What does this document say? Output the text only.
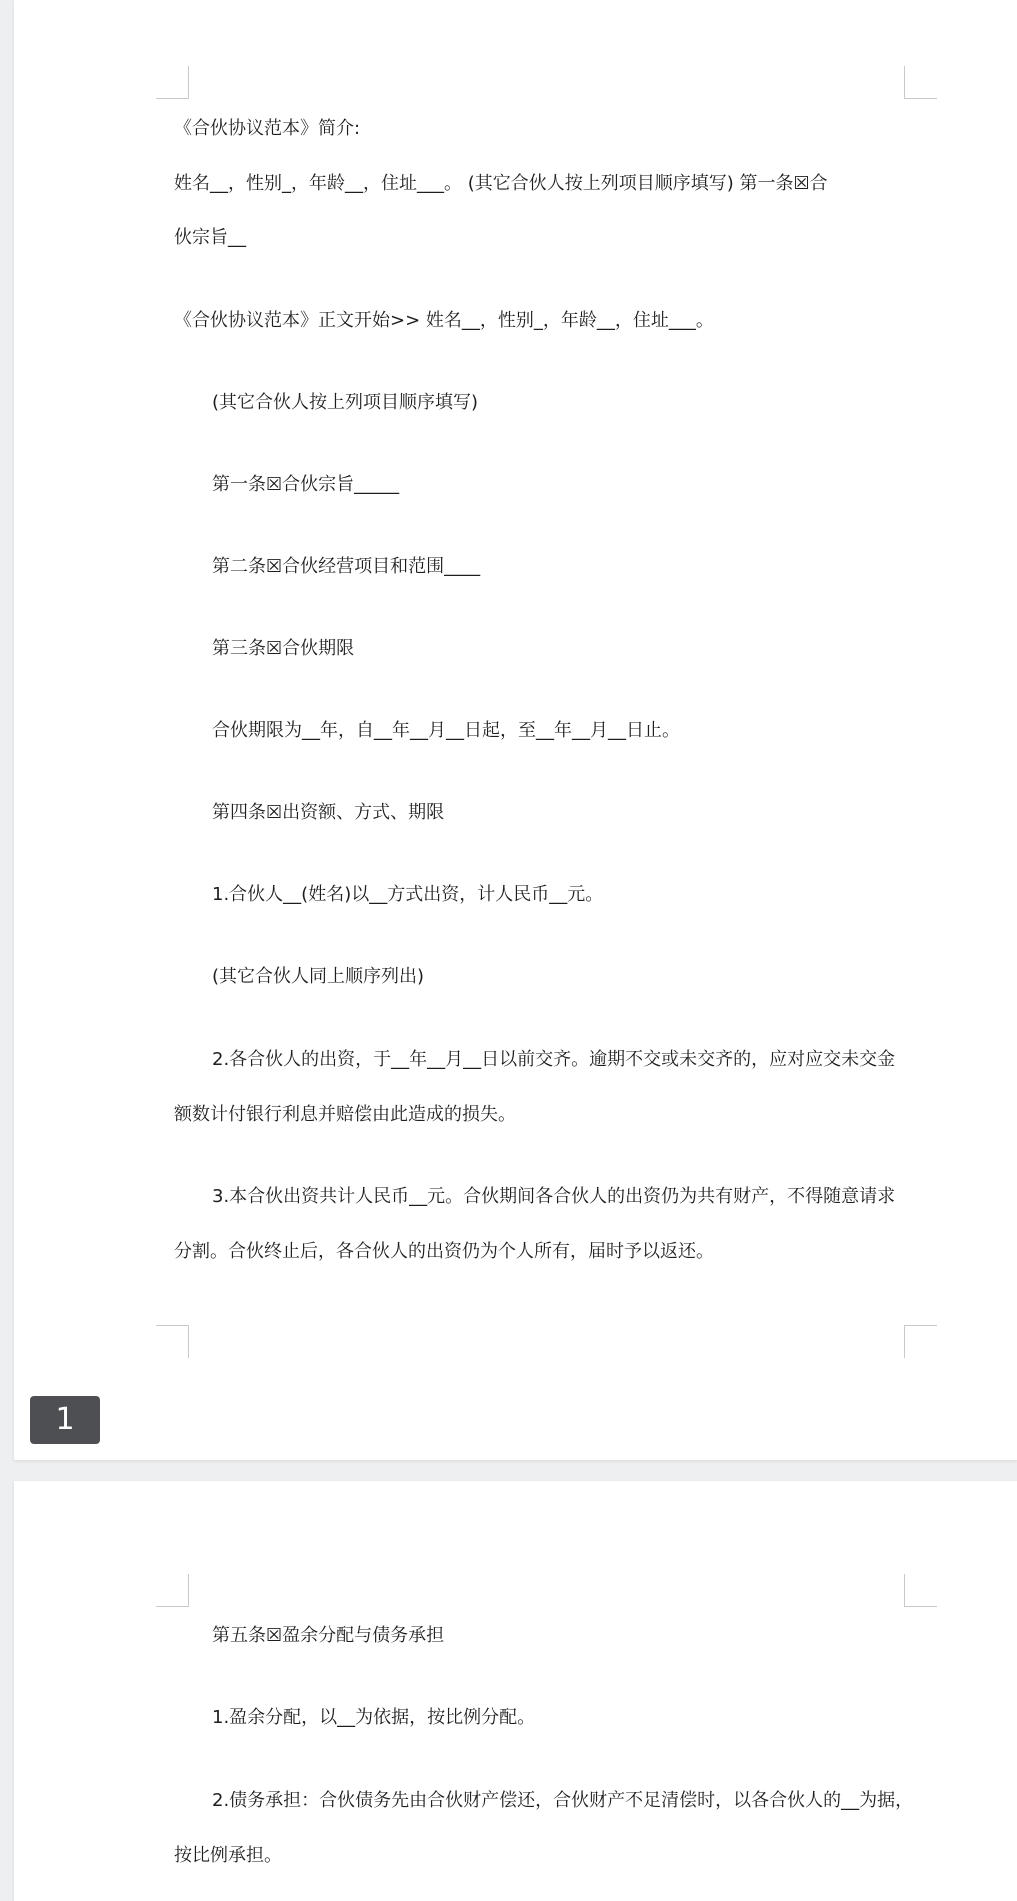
《合伙协议范本》简介:
姓名__，性别_，年龄__，住址___。 (其它合伙人按上列项目顺序填写) 第一条☒合
伙宗旨__
《合伙协议范本》正文开始>> 姓名__，性别_，年龄__，住址___。
(其它合伙人按上列项目顺序填写)
第一条☒合伙宗旨_____
第二条☒合伙经营项目和范围____
第三条☒合伙期限
合伙期限为__年，自__年__月__日起，至__年__月__日止。
第四条☒出资额、方式、期限
1.合伙人__(姓名)以__方式出资，计人民币__元。
(其它合伙人同上顺序列出)
2.各合伙人的出资，于__年__月__日以前交齐。逾期不交或未交齐的，应对应交未交金
额数计付银行利息并赔偿由此造成的损失。
3.本合伙出资共计人民币__元。合伙期间各合伙人的出资仍为共有财产，不得随意请求
分割。合伙终止后，各合伙人的出资仍为个人所有，届时予以返还。
1
第五条☒盈余分配与债务承担
1.盈余分配，以__为依据，按比例分配。
2.债务承担：合伙债务先由合伙财产偿还，合伙财产不足清偿时，以各合伙人的__为据，
按比例承担。
